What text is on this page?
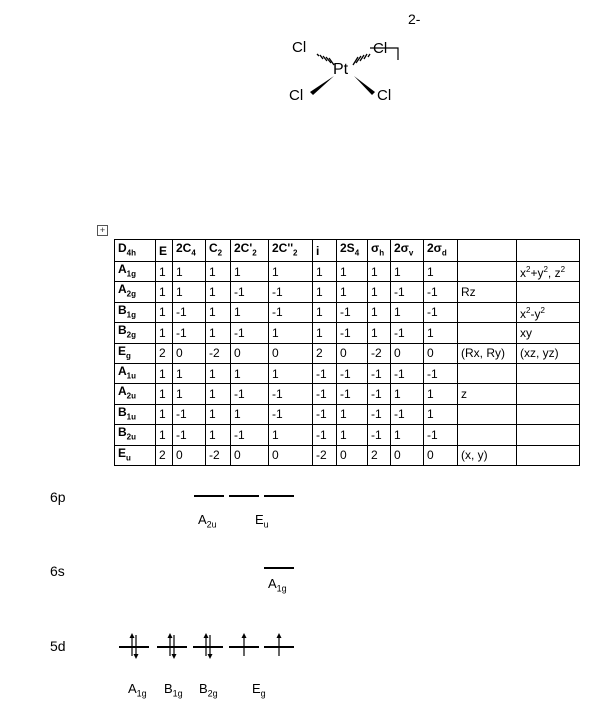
Cl	Cl
Pt
Cl	Cl
2-
+
$D_{4h}$	E	$2C_4$	$C_2$	$2C'_2$	$2C''_2$	i	$2S_4$	$\sigma_h$	$2\sigma_v$	$2\sigma_d$		
$A_{1g}$	1	1	1	1	1	1	1	1	1	1		$x^2+y^2$, $z^2$
$A_{2g}$	1	1	1	-1	-1	1	1	1	-1	-1	Rz	
$B_{1g}$	1	-1	1	1	-1	1	-1	1	1	-1		$x^2-y^2$
$B_{2g}$	1	-1	1	-1	1	1	-1	1	-1	1		xy
$E_g$	2	0	-2	0	0	2	0	-2	0	0	(Rx, Ry)	(xz, yz)
$A_{1u}$	1	1	1	1	1	-1	-1	-1	-1	-1		
$A_{2u}$	1	1	1	-1	-1	-1	-1	-1	1	1	z	
$B_{1u}$	1	-1	1	1	-1	-1	1	-1	-1	1		
$B_{2u}$	1	-1	1	-1	1	-1	1	-1	1	-1		
$E_u$	2	0	-2	0	0	-2	0	2	0	0	(x, y)	
6p
$A_{2u}$	$E_u$
6s
$A_{1g}$
5d
$A_{1g}$ $B_{1g}$ $B_{2g}$	$E_g$
